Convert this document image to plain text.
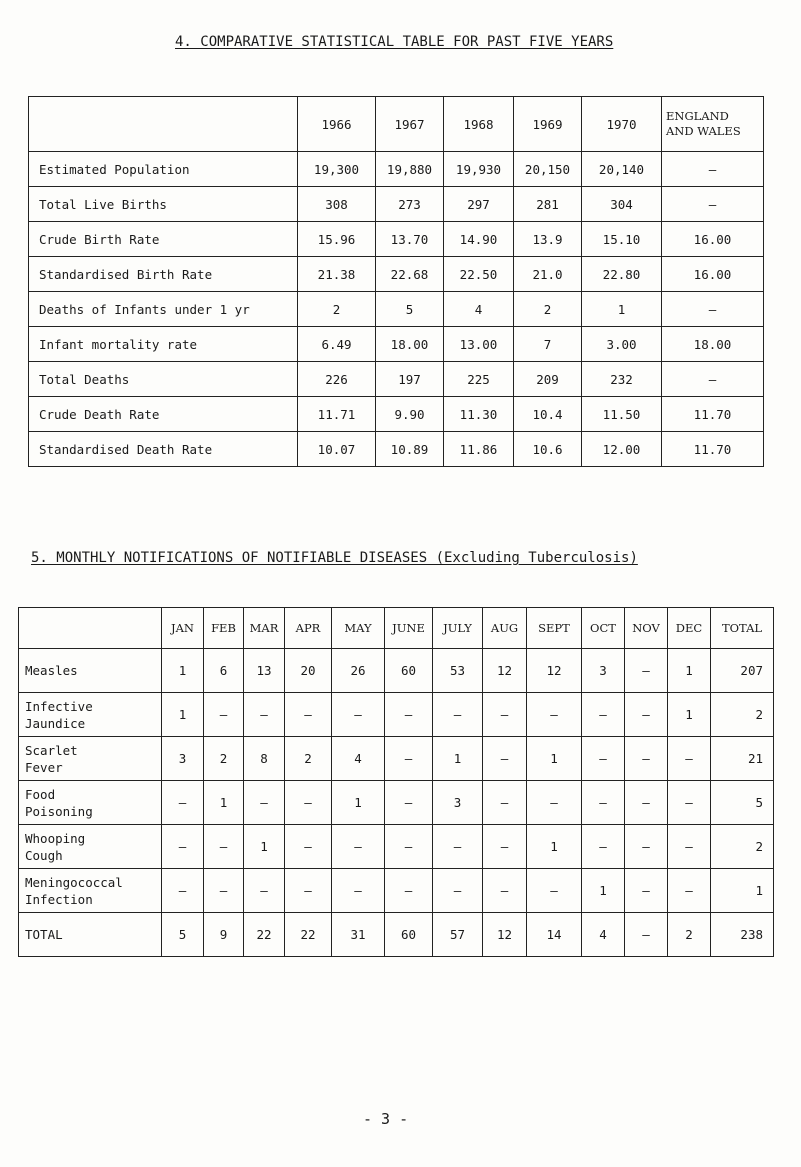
4. COMPARATIVE STATISTICAL TABLE FOR PAST FIVE YEARS
	1966	1967	1968	1969	1970	ENGLAND
AND WALES
Estimated Population	19,300	19,880	19,930	20,150	20,140	–
Total Live Births	308	273	297	281	304	–
Crude Birth Rate	15.96	13.70	14.90	13.9	15.10	16.00
Standardised Birth Rate	21.38	22.68	22.50	21.0	22.80	16.00
Deaths of Infants under 1 yr	2	5	4	2	1	–
Infant mortality rate	6.49	18.00	13.00	7	3.00	18.00
Total Deaths	226	197	225	209	232	–
Crude Death Rate	11.71	9.90	11.30	10.4	11.50	11.70
Standardised Death Rate	10.07	10.89	11.86	10.6	12.00	11.70
5. MONTHLY NOTIFICATIONS OF NOTIFIABLE DISEASES (Excluding Tuberculosis)
	JAN	FEB	MAR	APR	MAY	JUNE	JULY	AUG	SEPT	OCT	NOV	DEC	TOTAL
Measles	1	6	13	20	26	60	53	12	12	3	–	1	207
Infective
Jaundice	1	–	–	–	–	–	–	–	–	–	–	1	2
Scarlet
Fever	3	2	8	2	4	–	1	–	1	–	–	–	21
Food
Poisoning	–	1	–	–	1	–	3	–	–	–	–	–	5
Whooping
Cough	–	–	1	–	–	–	–	–	1	–	–	–	2
Meningococcal
Infection	–	–	–	–	–	–	–	–	–	1	–	–	1
TOTAL	5	9	22	22	31	60	57	12	14	4	–	2	238
- 3 -
